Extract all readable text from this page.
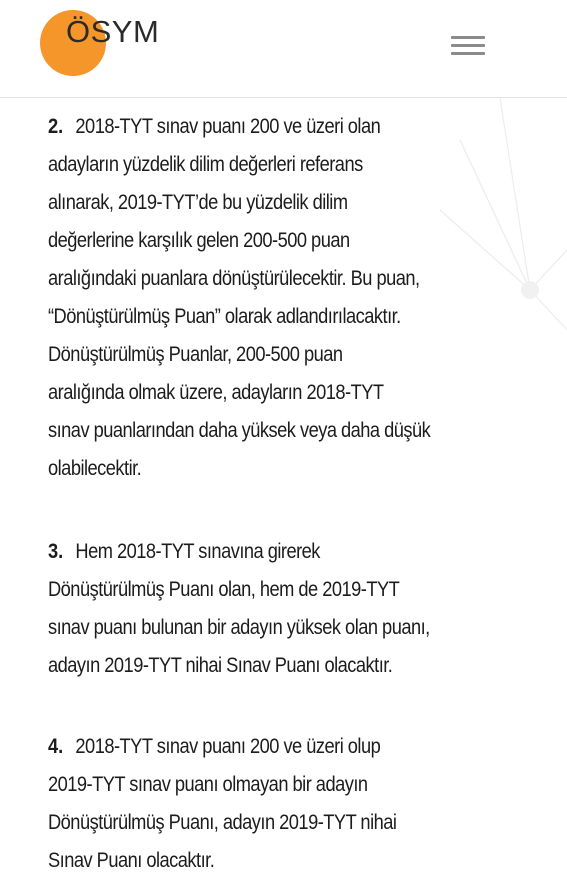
ÖSYM

2. 2018-TYT sınav puanı 200 ve üzeri olan
adayların yüzdelik dilim değerleri referans
alınarak, 2019-TYT’de bu yüzdelik dilim
değerlerine karşılık gelen 200-500 puan
aralığındaki puanlara dönüştürülecektir. Bu puan,
“Dönüştürülmüş Puan” olarak adlandırılacaktır.
Dönüştürülmüş Puanlar, 200-500 puan
aralığında olmak üzere, adayların 2018-TYT
sınav puanlarından daha yüksek veya daha düşük
olabilecektir.

3. Hem 2018-TYT sınavına girerek
Dönüştürülmüş Puanı olan, hem de 2019-TYT
sınav puanı bulunan bir adayın yüksek olan puanı,
adayın 2019-TYT nihai Sınav Puanı olacaktır.

4. 2018-TYT sınav puanı 200 ve üzeri olup
2019-TYT sınav puanı olmayan bir adayın
Dönüştürülmüş Puanı, adayın 2019-TYT nihai
Sınav Puanı olacaktır.
